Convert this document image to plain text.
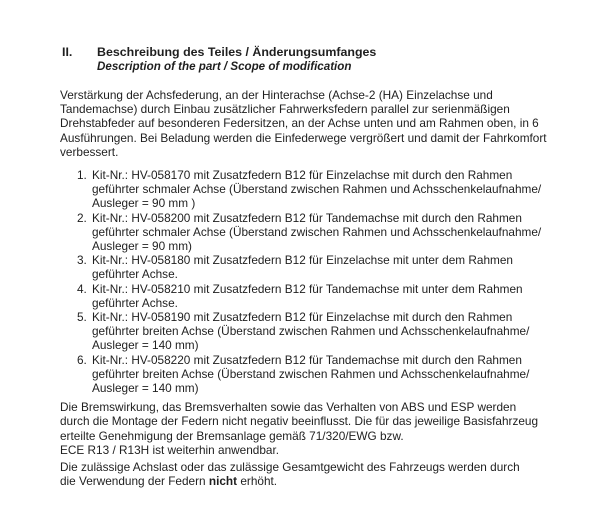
II.	Beschreibung des Teiles / Änderungsumfanges
Description of the part / Scope of modification
Verstärkung der Achsfederung, an der Hinterachse (Achse-2 (HA) Einzelachse und
Tandemachse) durch Einbau zusätzlicher Fahrwerksfedern parallel zur serienmäßigen
Drehstabfeder auf besonderen Federsitzen, an der Achse unten und am Rahmen oben, in 6
Ausführungen. Bei Beladung werden die Einfederwege vergrößert und damit der Fahrkomfort
verbessert.
1. Kit-Nr.: HV-058170 mit Zusatzfedern B12 für Einzelachse mit durch den Rahmen
geführter schmaler Achse (Überstand zwischen Rahmen und Achsschenkelaufnahme/
Ausleger = 90 mm )
2. Kit-Nr.: HV-058200 mit Zusatzfedern B12 für Tandemachse mit durch den Rahmen
geführter schmaler Achse (Überstand zwischen Rahmen und Achsschenkelaufnahme/
Ausleger = 90 mm)
3. Kit-Nr.: HV-058180 mit Zusatzfedern B12 für Einzelachse mit unter dem Rahmen
geführter Achse.
4. Kit-Nr.: HV-058210 mit Zusatzfedern B12 für Tandemachse mit unter dem Rahmen
geführter Achse.
5. Kit-Nr.: HV-058190 mit Zusatzfedern B12 für Einzelachse mit durch den Rahmen
geführter breiten Achse (Überstand zwischen Rahmen und Achsschenkelaufnahme/
Ausleger = 140 mm)
6. Kit-Nr.: HV-058220 mit Zusatzfedern B12 für Tandemachse mit durch den Rahmen
geführter breiten Achse (Überstand zwischen Rahmen und Achsschenkelaufnahme/
Ausleger = 140 mm)
Die Bremswirkung, das Bremsverhalten sowie das Verhalten von ABS und ESP werden
durch die Montage der Federn nicht negativ beeinflusst. Die für das jeweilige Basisfahrzeug
erteilte Genehmigung der Bremsanlage gemäß 71/320/EWG bzw.
ECE R13 / R13H ist weiterhin anwendbar.
Die zulässige Achslast oder das zulässige Gesamtgewicht des Fahrzeugs werden durch
die Verwendung der Federn nicht erhöht.
